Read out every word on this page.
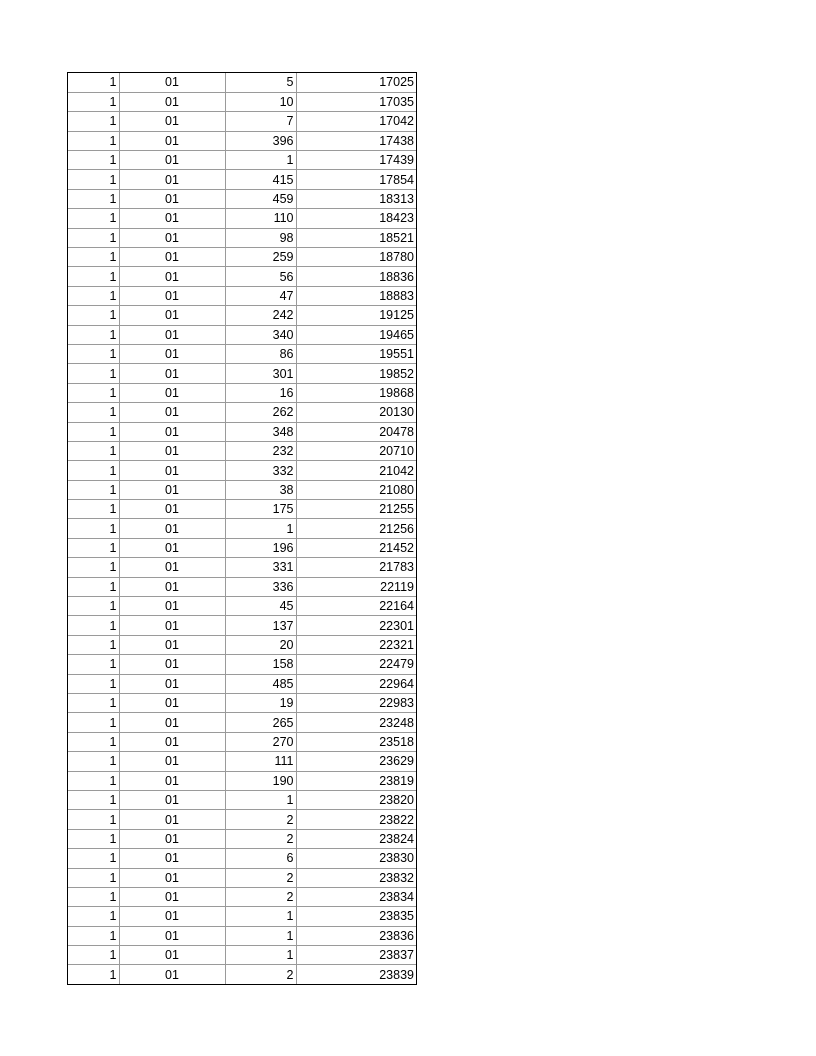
1	01	5	17025
1	01	10	17035
1	01	7	17042
1	01	396	17438
1	01	1	17439
1	01	415	17854
1	01	459	18313
1	01	110	18423
1	01	98	18521
1	01	259	18780
1	01	56	18836
1	01	47	18883
1	01	242	19125
1	01	340	19465
1	01	86	19551
1	01	301	19852
1	01	16	19868
1	01	262	20130
1	01	348	20478
1	01	232	20710
1	01	332	21042
1	01	38	21080
1	01	175	21255
1	01	1	21256
1	01	196	21452
1	01	331	21783
1	01	336	22119
1	01	45	22164
1	01	137	22301
1	01	20	22321
1	01	158	22479
1	01	485	22964
1	01	19	22983
1	01	265	23248
1	01	270	23518
1	01	111	23629
1	01	190	23819
1	01	1	23820
1	01	2	23822
1	01	2	23824
1	01	6	23830
1	01	2	23832
1	01	2	23834
1	01	1	23835
1	01	1	23836
1	01	1	23837
1	01	2	23839
